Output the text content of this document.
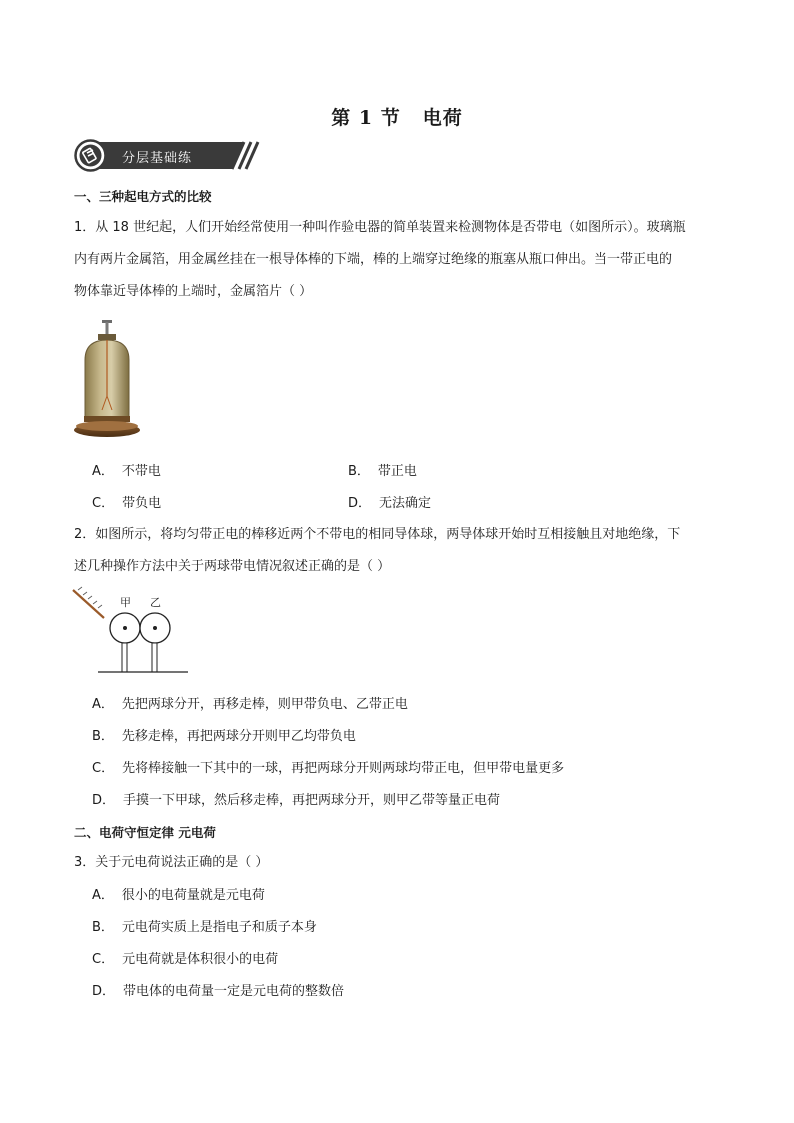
第 1 节 电荷
分层基础练
一、三种起电方式的比较
1．从 18 世纪起，人们开始经常使用一种叫作验电器的简单装置来检测物体是否带电（如图所示）。玻璃瓶
内有两片金属箔，用金属丝挂在一根导体棒的下端，棒的上端穿过绝缘的瓶塞从瓶口伸出。当一带正电的
物体靠近导体棒的上端时，金属箔片（ ）
A． 不带电	B． 带正电
C． 带负电	D． 无法确定
2．如图所示，将均匀带正电的棒移近两个不带电的相同导体球，两导体球开始时互相接触且对地绝缘，下
述几种操作方法中关于两球带电情况叙述正确的是（ ）
甲 乙
A． 先把两球分开，再移走棒，则甲带负电、乙带正电
B． 先移走棒，再把两球分开则甲乙均带负电
C． 先将棒接触一下其中的一球，再把两球分开则两球均带正电，但甲带电量更多
D． 手摸一下甲球，然后移走棒，再把两球分开，则甲乙带等量正电荷
二、电荷守恒定律 元电荷
3．关于元电荷说法正确的是（ ）
A． 很小的电荷量就是元电荷
B． 元电荷实质上是指电子和质子本身
C． 元电荷就是体积很小的电荷
D． 带电体的电荷量一定是元电荷的整数倍
